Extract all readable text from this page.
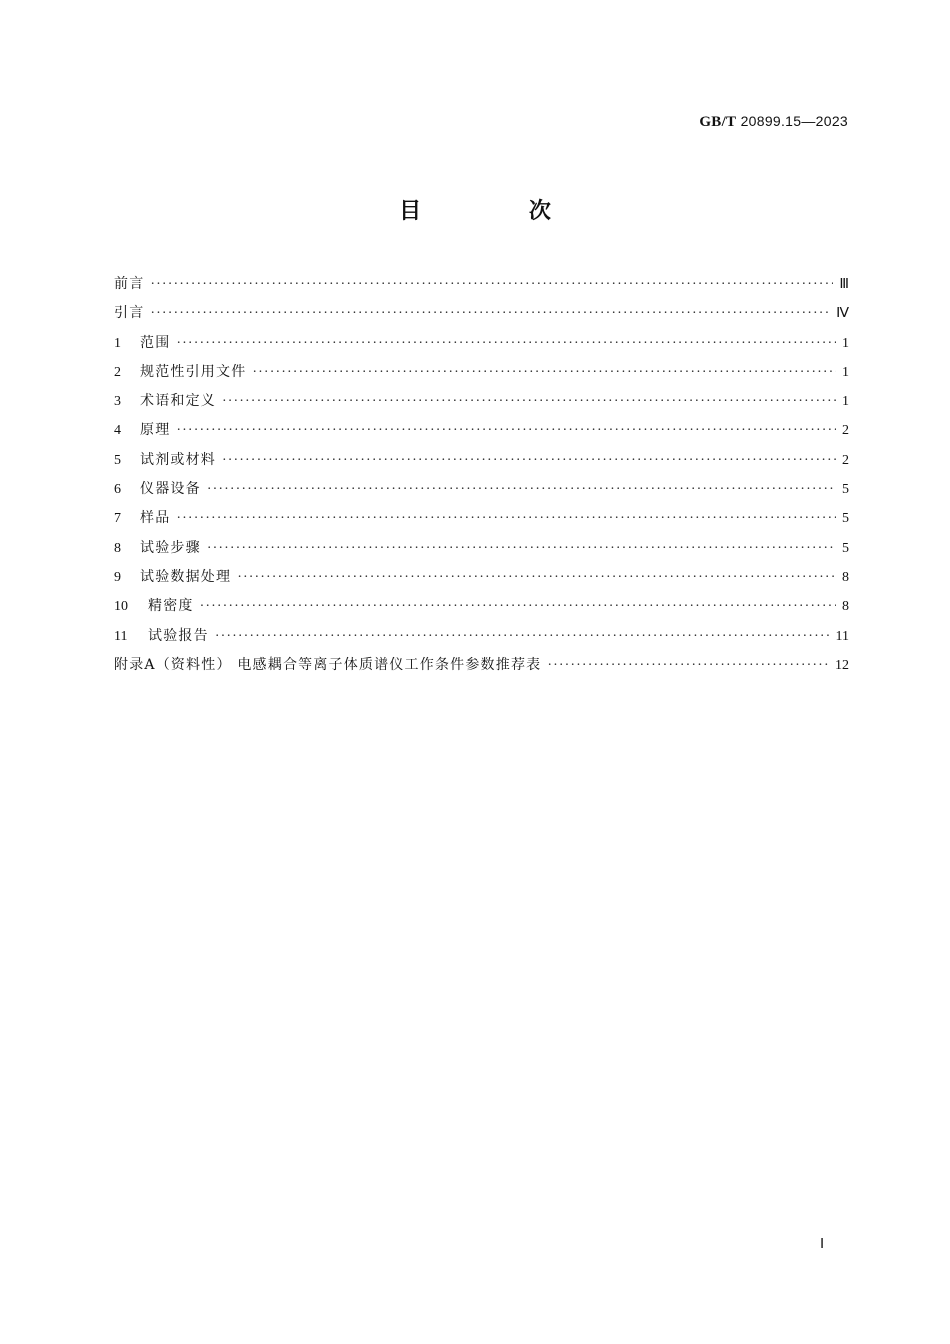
GB/T 20899.15—2023
目 次
前言 ·····	Ⅲ
引言 ·····	Ⅳ
1	范围 ·····	1
2	规范性引用文件 ·····	1
3	术语和定义 ·····	1
4	原理 ·····	2
5	试剂或材料 ·····	2
6	仪器设备 ·····	5
7	样品 ·····	5
8	试验步骤 ·····	5
9	试验数据处理 ·····	8
10	精密度 ·····	8
11	试验报告 ·····	11
附录A（资料性） 电感耦合等离子体质谱仪工作条件参数推荐表 ·····	12
Ⅰ
